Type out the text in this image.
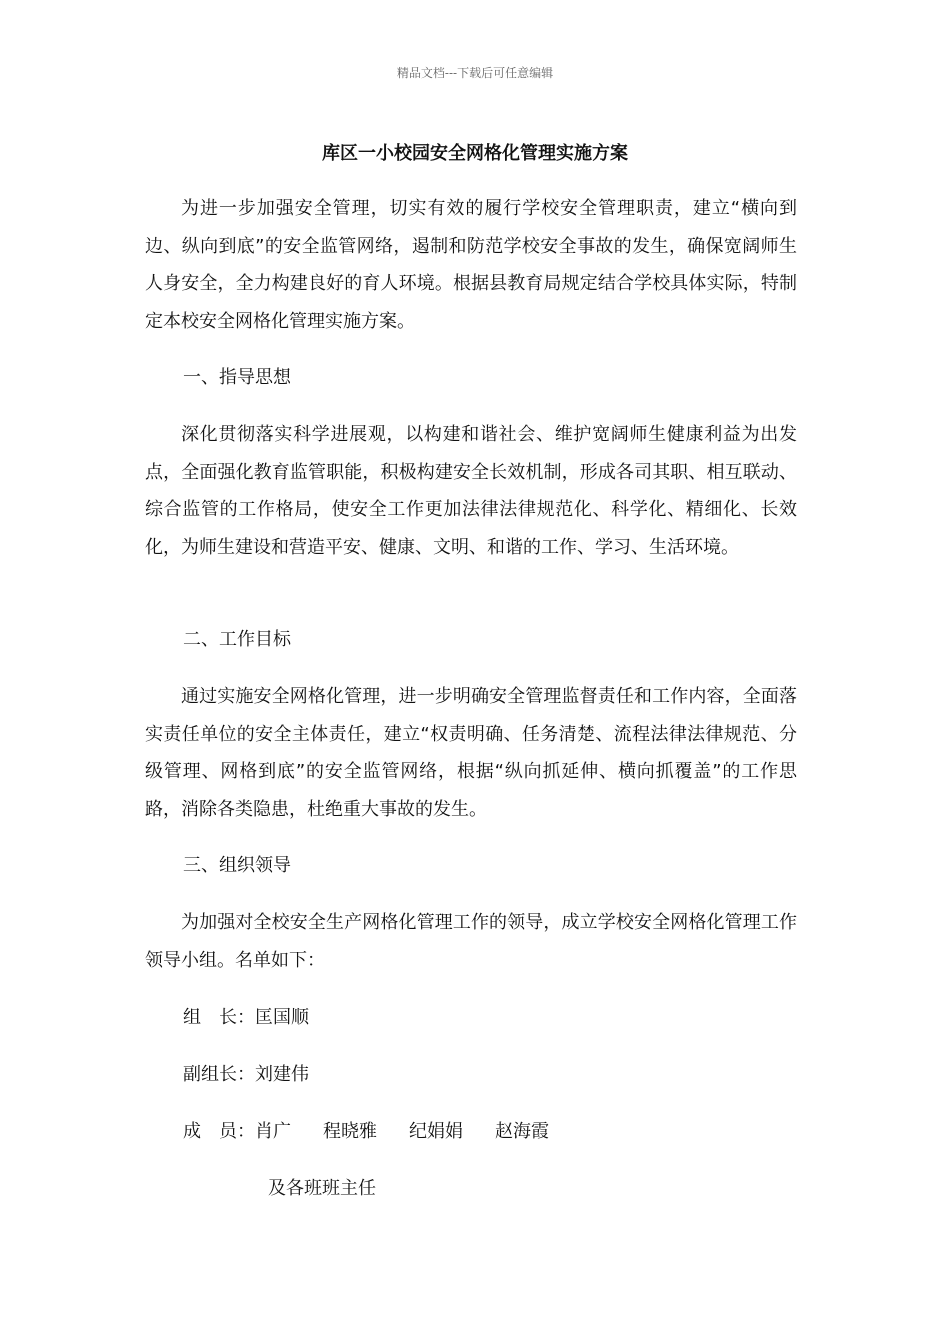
精品文档---下载后可任意编辑
库区一小校园安全网格化管理实施方案

为进一步加强安全管理，切实有效的履行学校安全管理职责，建立“横向到边、纵向到底”的安全监管网络，遏制和防范学校安全事故的发生，确保宽阔师生人身安全，全力构建良好的育人环境。根据县教育局规定结合学校具体实际，特制定本校安全网格化管理实施方案。

一、指导思想

深化贯彻落实科学进展观，以构建和谐社会、维护宽阔师生健康利益为出发点，全面强化教育监管职能，积极构建安全长效机制，形成各司其职、相互联动、综合监管的工作格局，使安全工作更加法律法律规范化、科学化、精细化、长效化，为师生建设和营造平安、健康、文明、和谐的工作、学习、生活环境。

二、工作目标

通过实施安全网格化管理，进一步明确安全管理监督责任和工作内容，全面落实责任单位的安全主体责任，建立“权责明确、任务清楚、流程法律法律规范、分级管理、网格到底”的安全监管网络，根据“纵向抓延伸、横向抓覆盖”的工作思路，消除各类隐患，杜绝重大事故的发生。

三、组织领导

为加强对全校安全生产网格化管理工作的领导，成立学校安全网格化管理工作领导小组。名单如下：

组　长：匡国顺

副组长：刘建伟

成　员：肖广 程晓雅 纪娟娟 赵海霞

及各班班主任
